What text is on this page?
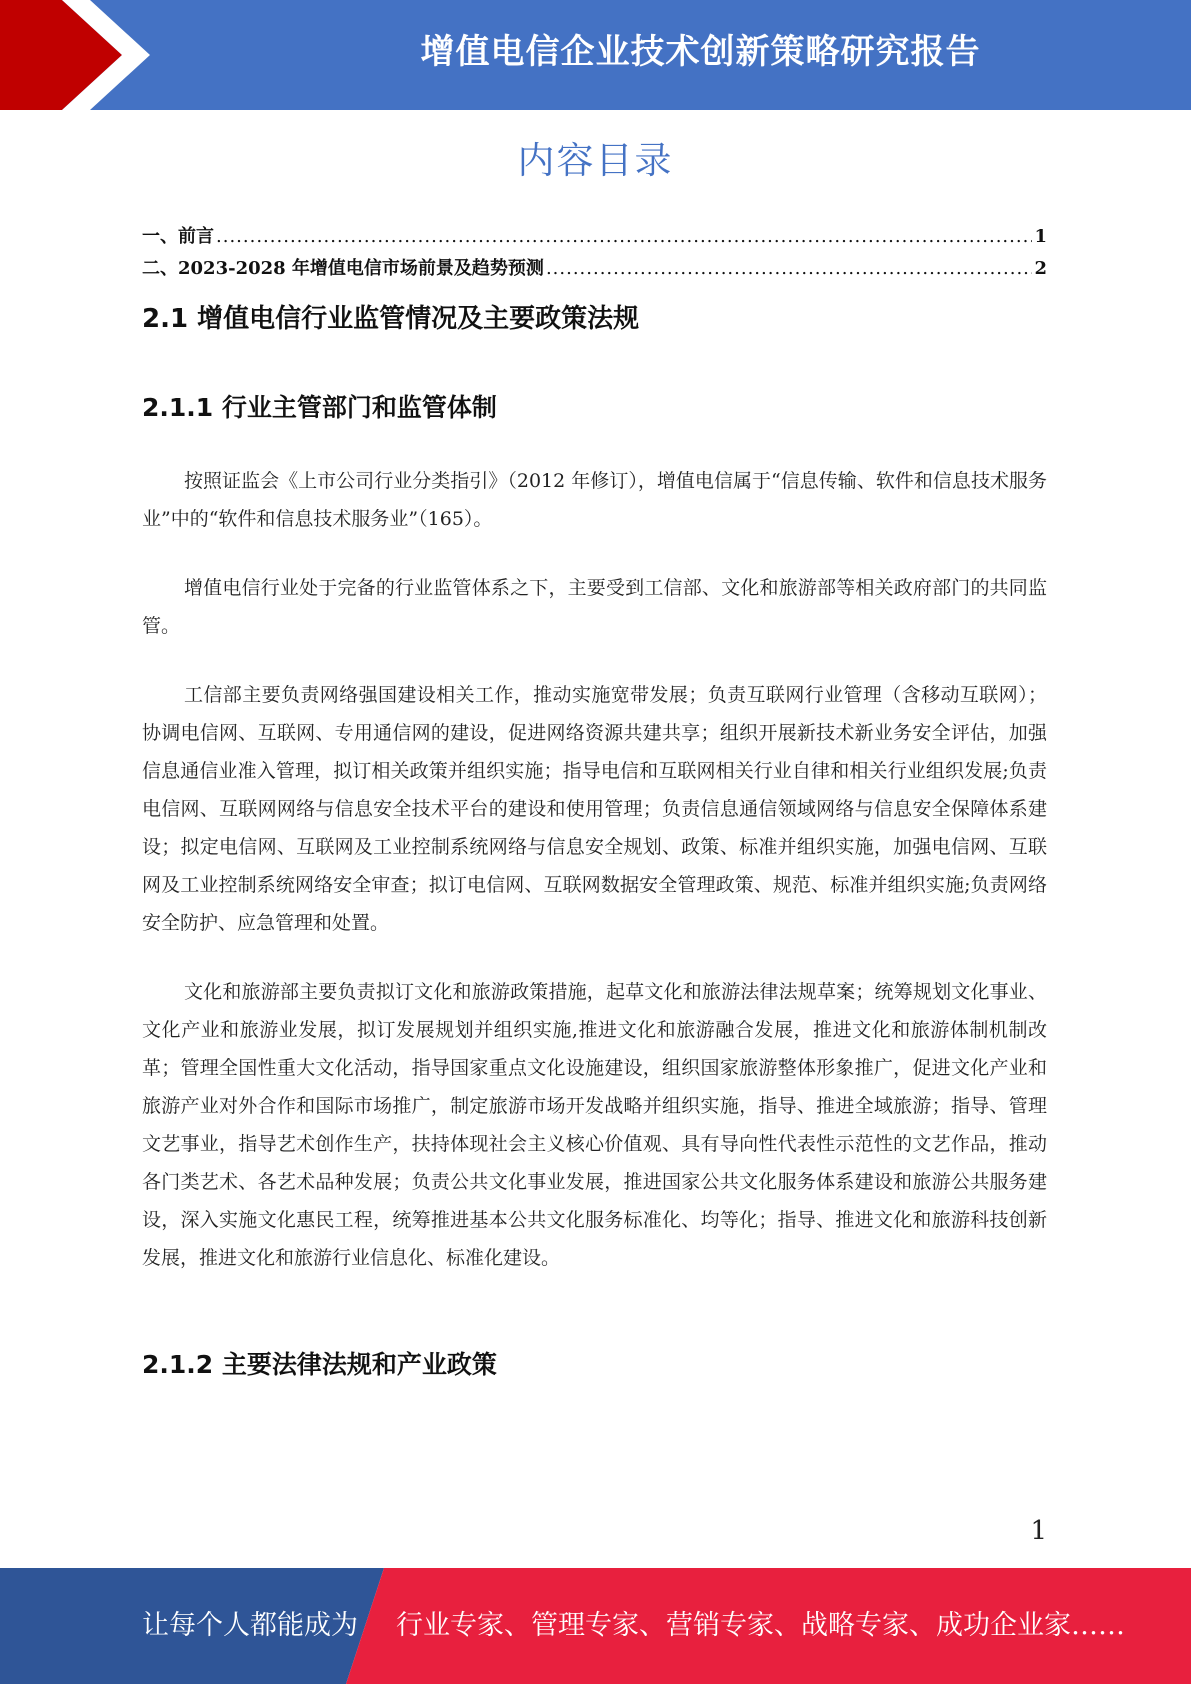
增值电信企业技术创新策略研究报告
内容目录
一、前言 .....	1
二、2023-2028 年增值电信市场前景及趋势预测 .....	2
2.1 增值电信行业监管情况及主要政策法规
2.1.1 行业主管部门和监管体制

按照证监会《上市公司行业分类指引》（2012 年修订），增值电信属于“信息传输、软件和信息技术服务业”中的“软件和信息技术服务业”（165）。

增值电信行业处于完备的行业监管体系之下，主要受到工信部、文化和旅游部等相关政府部门的共同监管。

工信部主要负责网络强国建设相关工作，推动实施宽带发展；负责互联网行业管理（含移动互联网）；协调电信网、互联网、专用通信网的建设，促进网络资源共建共享；组织开展新技术新业务安全评估，加强信息通信业准入管理，拟订相关政策并组织实施；指导电信和互联网相关行业自律和相关行业组织发展;负责电信网、互联网网络与信息安全技术平台的建设和使用管理；负责信息通信领域网络与信息安全保障体系建设；拟定电信网、互联网及工业控制系统网络与信息安全规划、政策、标准并组织实施，加强电信网、互联网及工业控制系统网络安全审查；拟订电信网、互联网数据安全管理政策、规范、标准并组织实施;负责网络安全防护、应急管理和处置。

文化和旅游部主要负责拟订文化和旅游政策措施，起草文化和旅游法律法规草案；统筹规划文化事业、文化产业和旅游业发展，拟订发展规划并组织实施,推进文化和旅游融合发展，推进文化和旅游体制机制改革；管理全国性重大文化活动，指导国家重点文化设施建设，组织国家旅游整体形象推广，促进文化产业和旅游产业对外合作和国际市场推广，制定旅游市场开发战略并组织实施，指导、推进全域旅游；指导、管理文艺事业，指导艺术创作生产，扶持体现社会主义核心价值观、具有导向性代表性示范性的文艺作品，推动各门类艺术、各艺术品种发展；负责公共文化事业发展，推进国家公共文化服务体系建设和旅游公共服务建设，深入实施文化惠民工程，统筹推进基本公共文化服务标准化、均等化；指导、推进文化和旅游科技创新发展，推进文化和旅游行业信息化、标准化建设。

2.1.2 主要法律法规和产业政策
1
让每个人都能成为 行业专家、管理专家、营销专家、战略专家、成功企业家……
